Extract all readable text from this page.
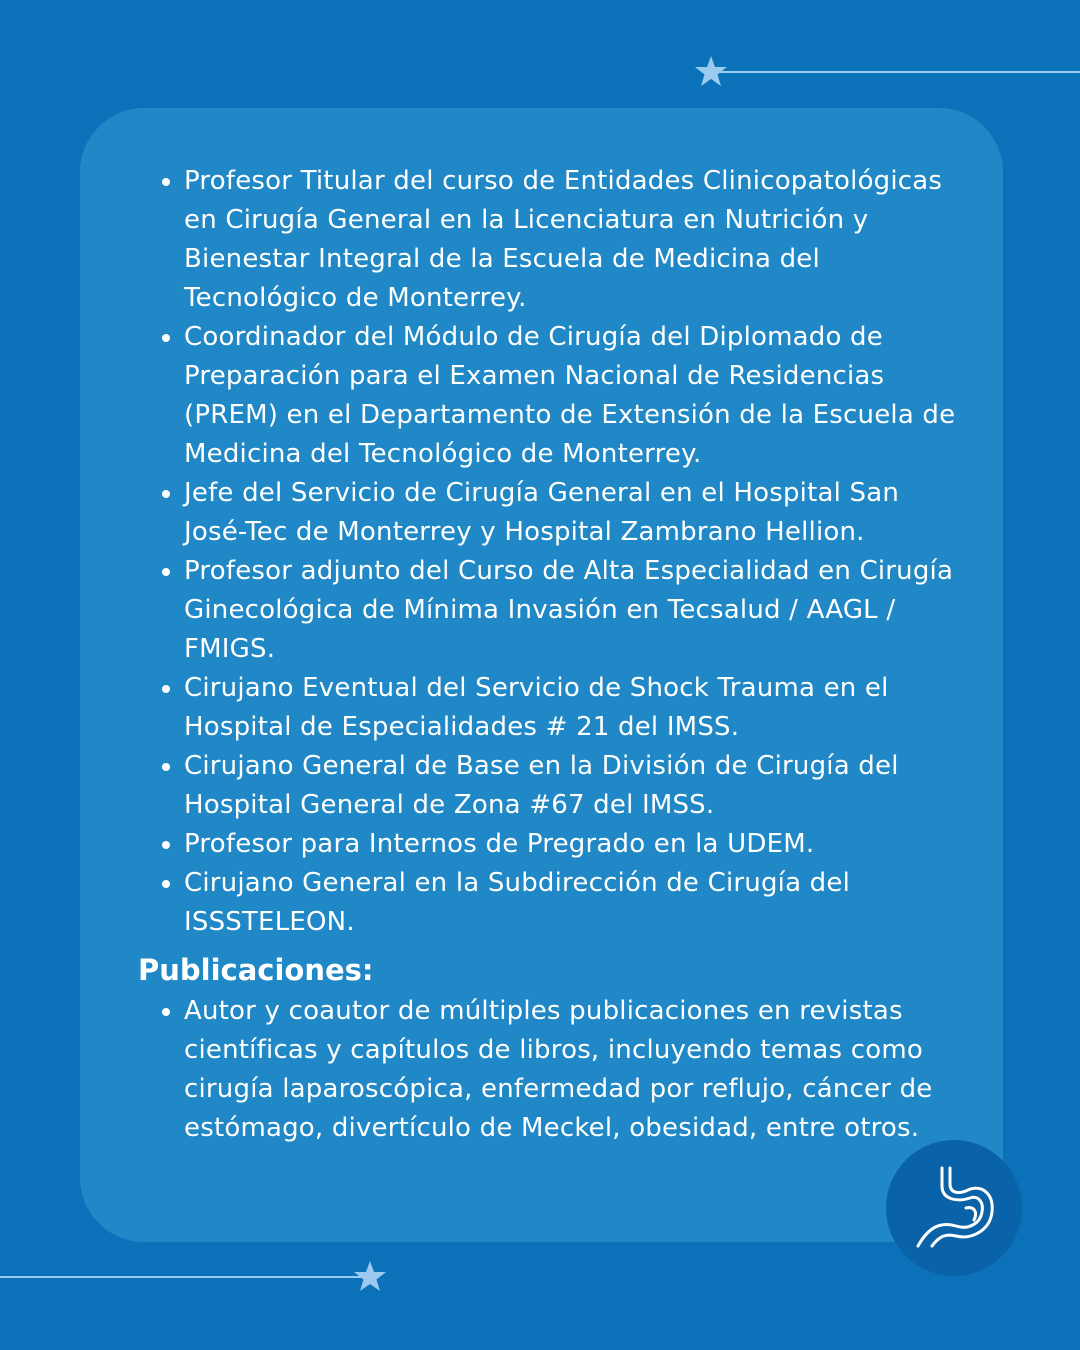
Profesor Titular del curso de Entidades Clinicopatológicas en Cirugía General en la Licenciatura en Nutrición y Bienestar Integral de la Escuela de Medicina del Tecnológico de Monterrey.
Coordinador del Módulo de Cirugía del Diplomado de Preparación para el Examen Nacional de Residencias (PREM) en el Departamento de Extensión de la Escuela de Medicina del Tecnológico de Monterrey.
Jefe del Servicio de Cirugía General en el Hospital San José-Tec de Monterrey y Hospital Zambrano Hellion.
Profesor adjunto del Curso de Alta Especialidad en Cirugía Ginecológica de Mínima Invasión en Tecsalud / AAGL / FMIGS.
Cirujano Eventual del Servicio de Shock Trauma en el Hospital de Especialidades # 21 del IMSS.
Cirujano General de Base en la División de Cirugía del Hospital General de Zona #67 del IMSS.
Profesor para Internos de Pregrado en la UDEM.
Cirujano General en la Subdirección de Cirugía del ISSSTELEON.
Publicaciones:
Autor y coautor de múltiples publicaciones en revistas científicas y capítulos de libros, incluyendo temas como cirugía laparoscópica, enfermedad por reflujo, cáncer de estómago, divertículo de Meckel, obesidad, entre otros.
